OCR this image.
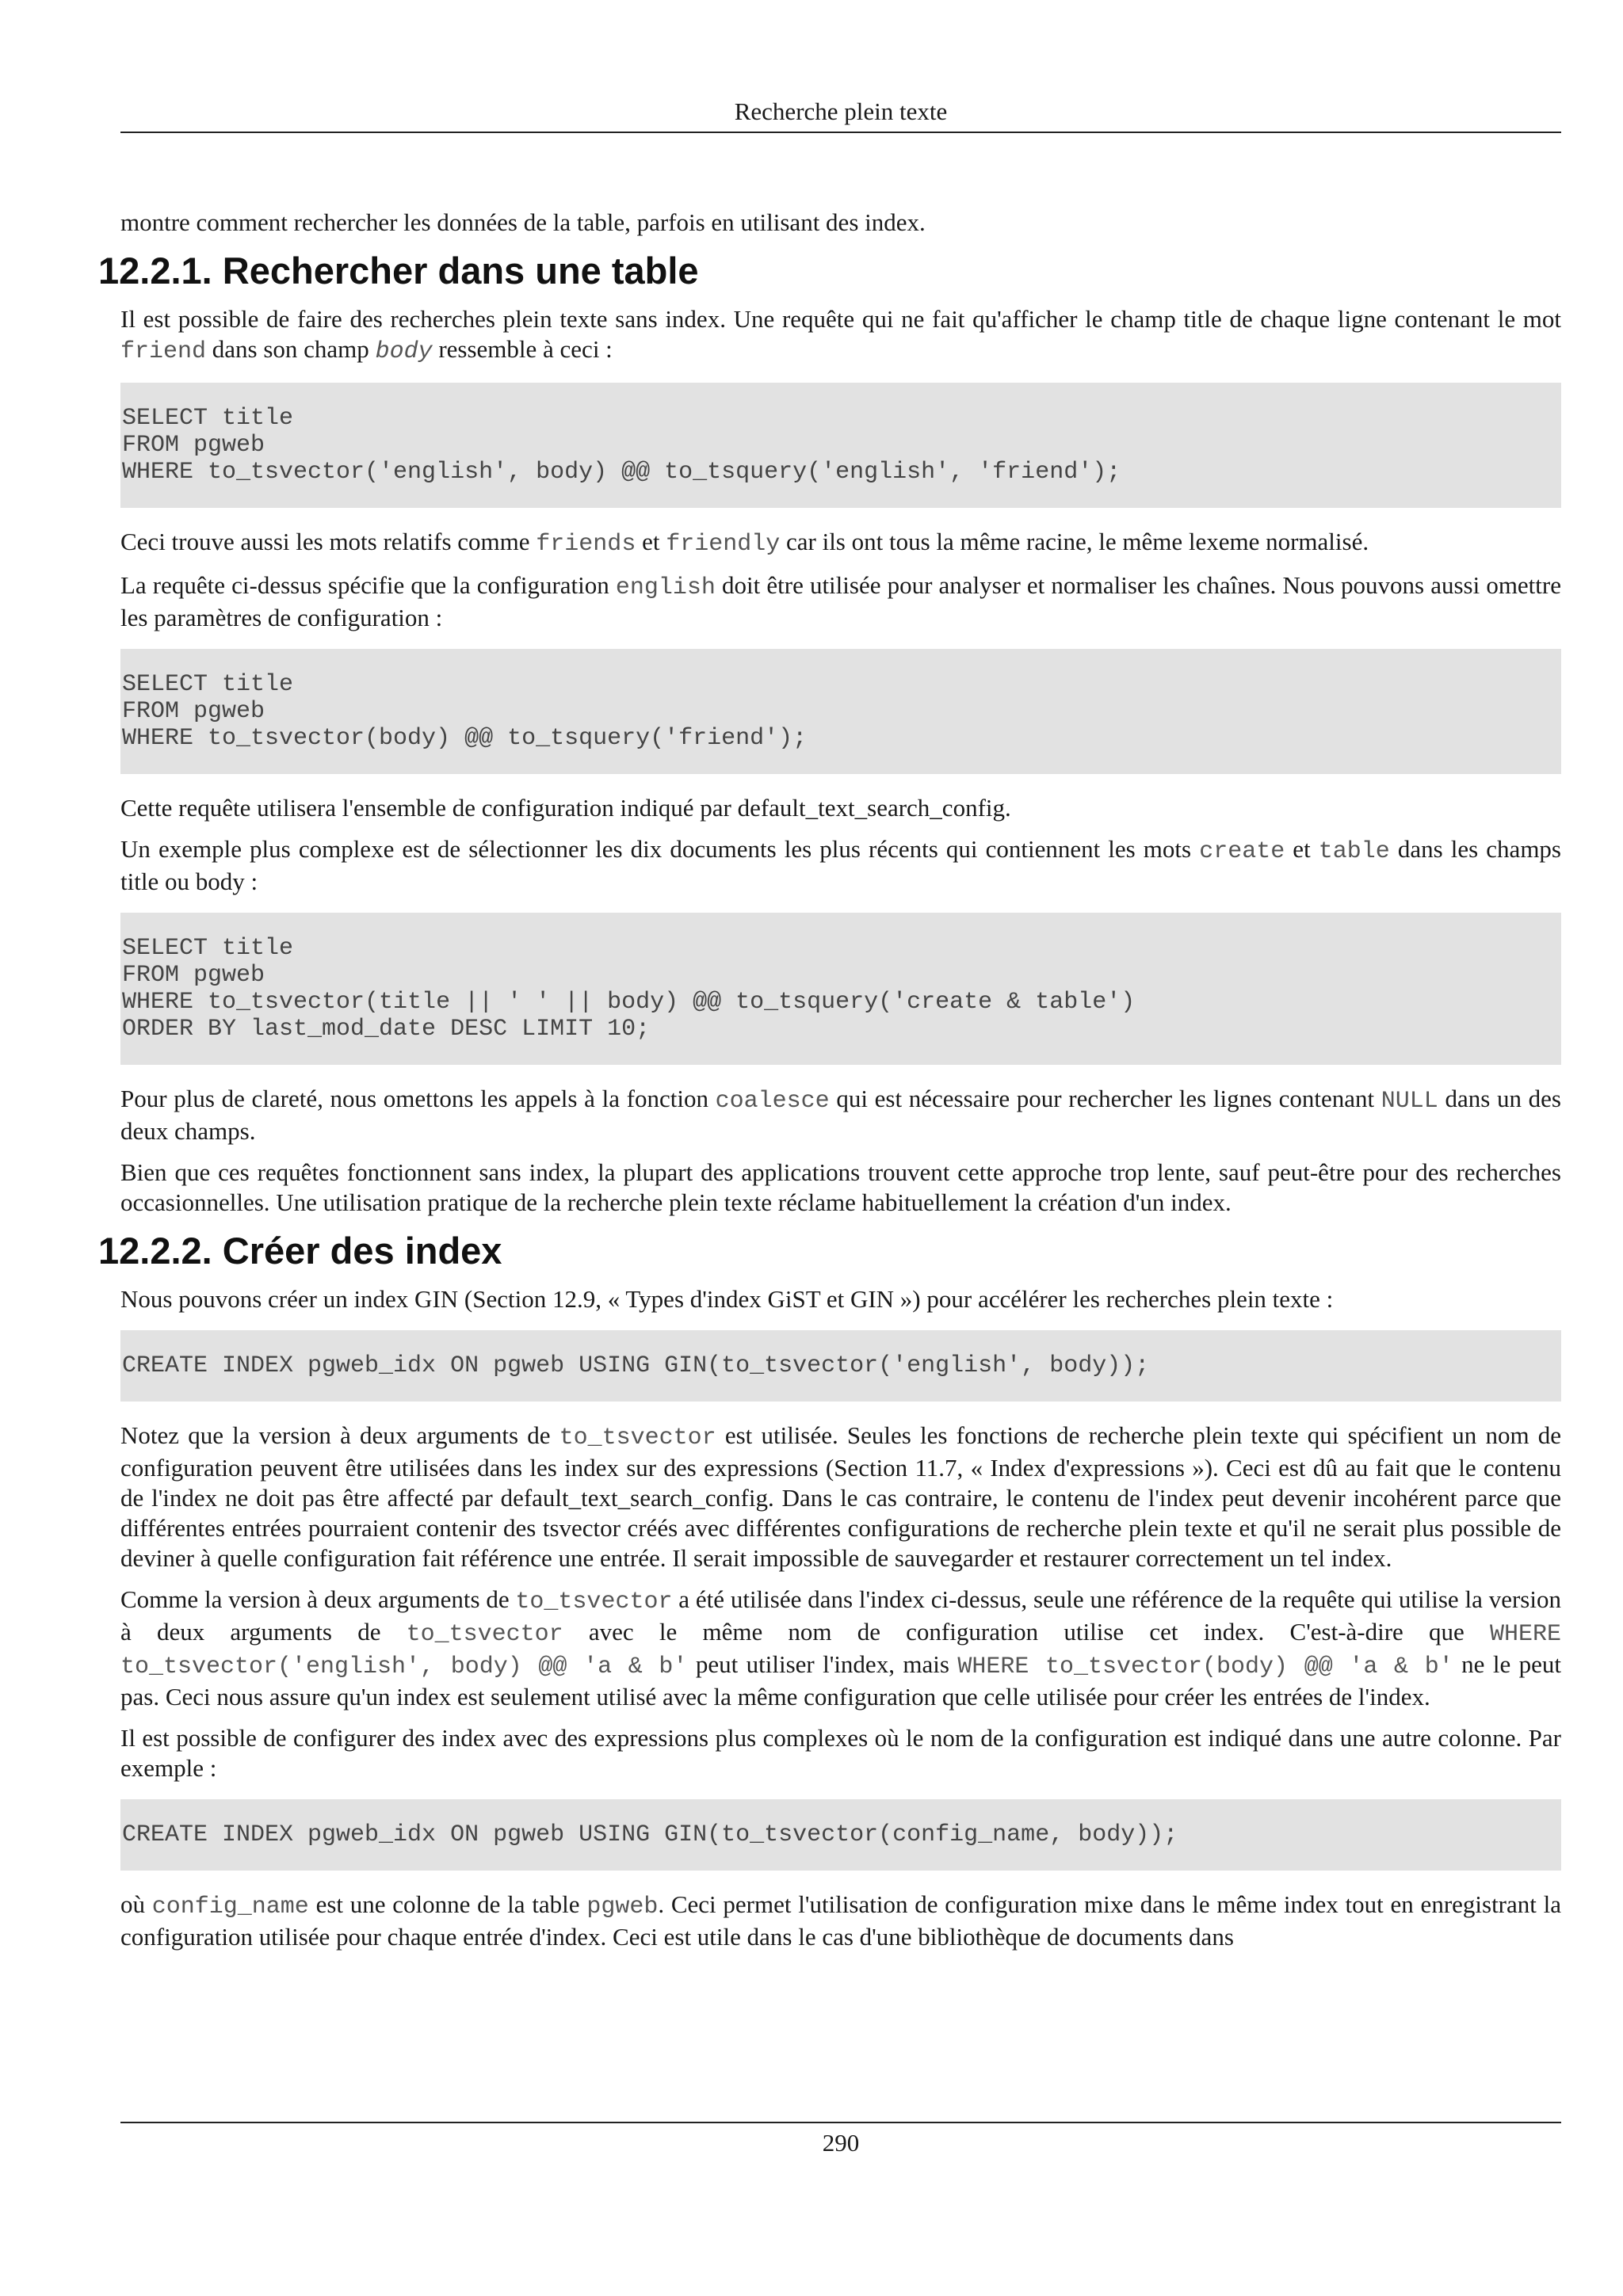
Recherche plein texte

montre comment rechercher les données de la table, parfois en utilisant des index.

12.2.1. Rechercher dans une table

Il est possible de faire des recherches plein texte sans index. Une requête qui ne fait qu'afficher le champ title de chaque ligne contenant le mot friend dans son champ body ressemble à ceci :

SELECT title
FROM pgweb
WHERE to_tsvector('english', body) @@ to_tsquery('english', 'friend');

Ceci trouve aussi les mots relatifs comme friends et friendly car ils ont tous la même racine, le même lexeme normalisé.

La requête ci-dessus spécifie que la configuration english doit être utilisée pour analyser et normaliser les chaînes. Nous pouvons aussi omettre les paramètres de configuration :

SELECT title
FROM pgweb
WHERE to_tsvector(body) @@ to_tsquery('friend');

Cette requête utilisera l'ensemble de configuration indiqué par default_text_search_config.

Un exemple plus complexe est de sélectionner les dix documents les plus récents qui contiennent les mots create et table dans les champs title ou body :

SELECT title
FROM pgweb
WHERE to_tsvector(title || ' ' || body) @@ to_tsquery('create & table')
ORDER BY last_mod_date DESC LIMIT 10;

Pour plus de clareté, nous omettons les appels à la fonction coalesce qui est nécessaire pour rechercher les lignes contenant NULL dans un des deux champs.

Bien que ces requêtes fonctionnent sans index, la plupart des applications trouvent cette approche trop lente, sauf peut-être pour des recherches occasionnelles. Une utilisation pratique de la recherche plein texte réclame habituellement la création d'un index.

12.2.2. Créer des index

Nous pouvons créer un index GIN (Section 12.9, « Types d'index GiST et GIN ») pour accélérer les recherches plein texte :

CREATE INDEX pgweb_idx ON pgweb USING GIN(to_tsvector('english', body));

Notez que la version à deux arguments de to_tsvector est utilisée. Seules les fonctions de recherche plein texte qui spécifient un nom de configuration peuvent être utilisées dans les index sur des expressions (Section 11.7, « Index d'expressions »). Ceci est dû au fait que le contenu de l'index ne doit pas être affecté par default_text_search_config. Dans le cas contraire, le contenu de l'index peut devenir incohérent parce que différentes entrées pourraient contenir des tsvector créés avec différentes configurations de recherche plein texte et qu'il ne serait plus possible de deviner à quelle configuration fait référence une entrée. Il serait impossible de sauvegarder et restaurer correctement un tel index.

Comme la version à deux arguments de to_tsvector a été utilisée dans l'index ci-dessus, seule une référence de la requête qui utilise la version à deux arguments de to_tsvector avec le même nom de configuration utilise cet index. C'est-à-dire que WHERE to_tsvector('english', body) @@ 'a & b' peut utiliser l'index, mais WHERE to_tsvector(body) @@ 'a & b' ne le peut pas. Ceci nous assure qu'un index est seulement utilisé avec la même configuration que celle utilisée pour créer les entrées de l'index.

Il est possible de configurer des index avec des expressions plus complexes où le nom de la configuration est indiqué dans une autre colonne. Par exemple :

CREATE INDEX pgweb_idx ON pgweb USING GIN(to_tsvector(config_name, body));

où config_name est une colonne de la table pgweb. Ceci permet l'utilisation de configuration mixe dans le même index tout en enregistrant la configuration utilisée pour chaque entrée d'index. Ceci est utile dans le cas d'une bibliothèque de documents dans

290
